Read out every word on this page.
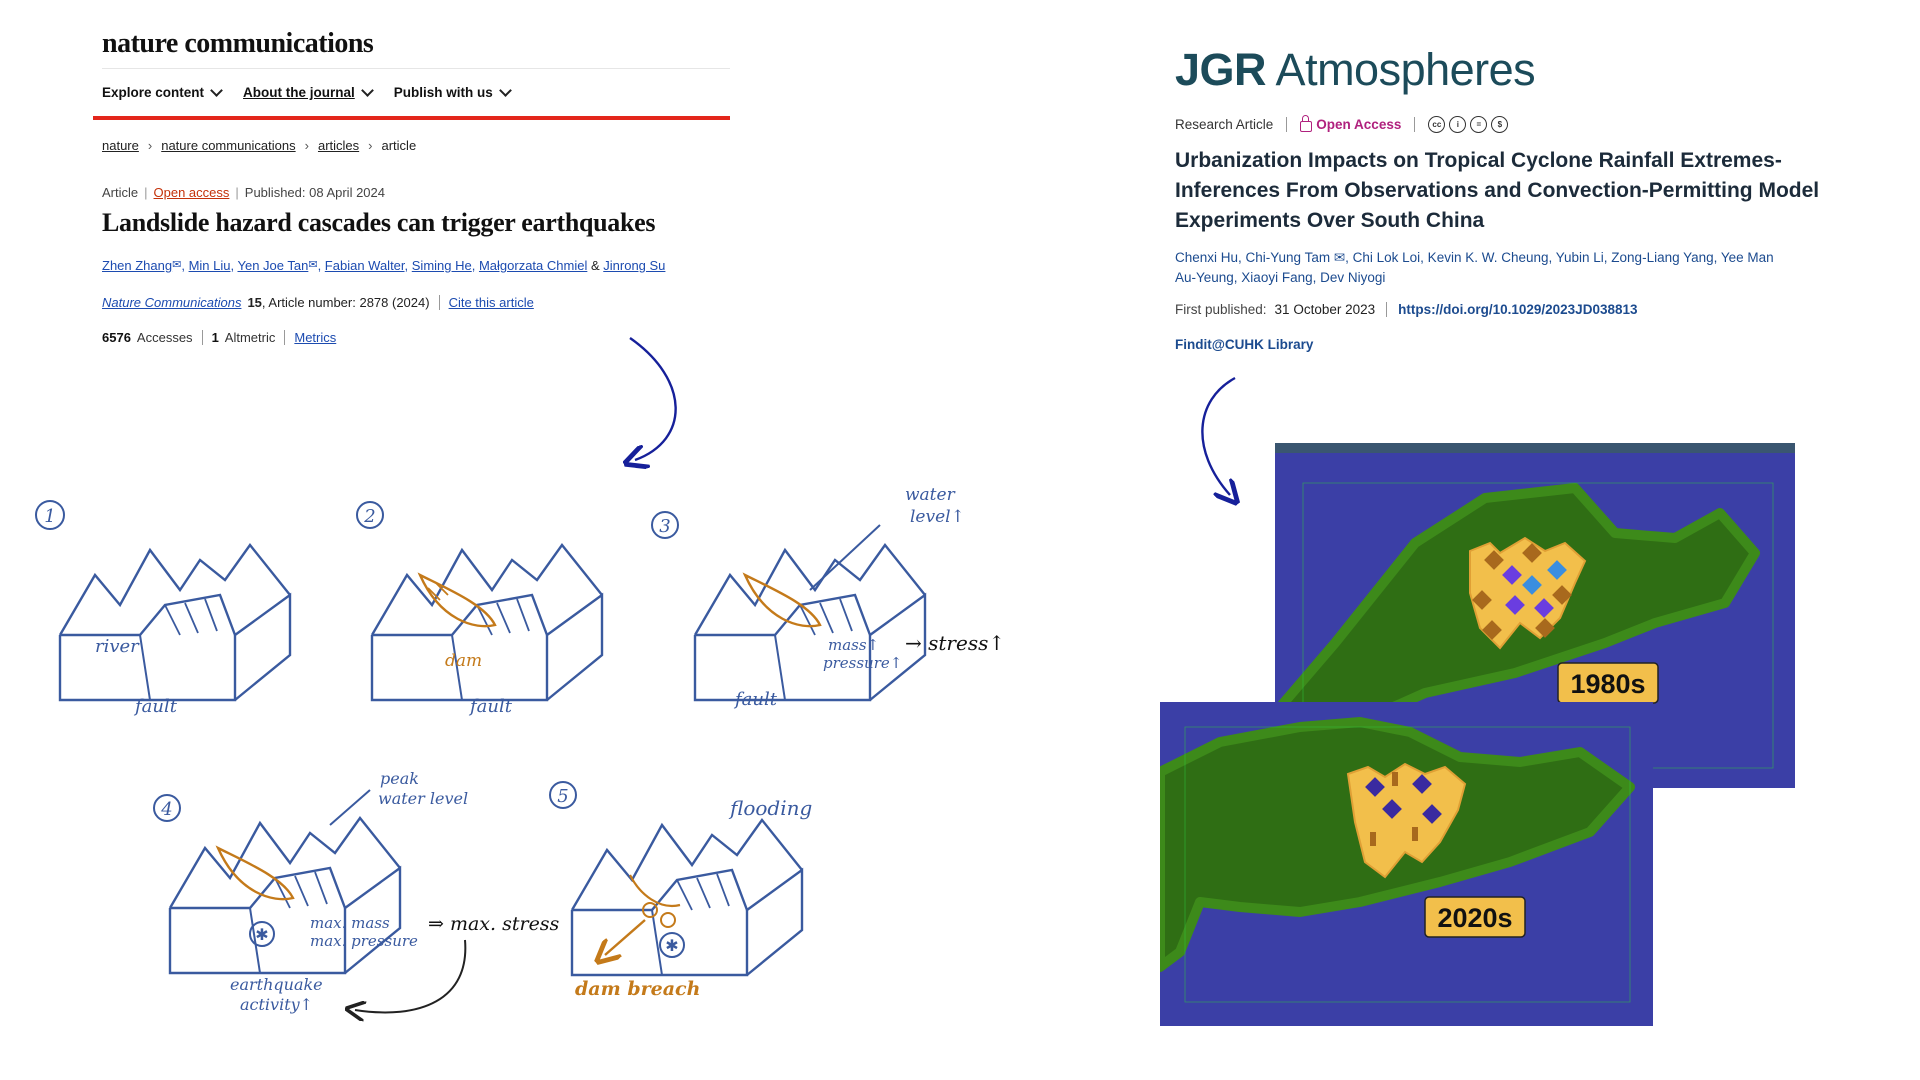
nature communications
Explore content	About the journal	Publish with us
nature › nature communications › articles › article
Article | Open access | Published: 08 April 2024
Landslide hazard cascades can trigger earthquakes
Zhen Zhang✉, Min Liu, Yen Joe Tan✉, Fabian Walter, Siming He, Małgorzata Chmiel & Jinrong Su
Nature Communications 15, Article number: 2878 (2024) Cite this article
6576 Accesses 1 Altmetric Metrics
JGR Atmospheres
Research Article	Open Access	cc	i	=	$
Urbanization Impacts on Tropical Cyclone Rainfall Extremes-Inferences From Observations and Convection-Permitting Model Experiments Over South China
Chenxi Hu, Chi-Yung Tam ✉, Chi Lok Loi, Kevin K. W. Cheung, Yubin Li, Zong-Liang Yang, Yee Man Au-Yeung, Xiaoyi Fang, Dev Niyogi
First published: 31 October 2023 https://doi.org/10.1029/2023JD038813
Findit@CUHK Library
1
river
fault
2
dam
fault
3
water
level↑
mass↑
pressure↑
→ stress↑
fault
4
✱
peak
water level
max. mass
max. pressure
⇒ max. stress
earthquake
activity↑
5
✱
flooding
dam breach
1980s
2020s
